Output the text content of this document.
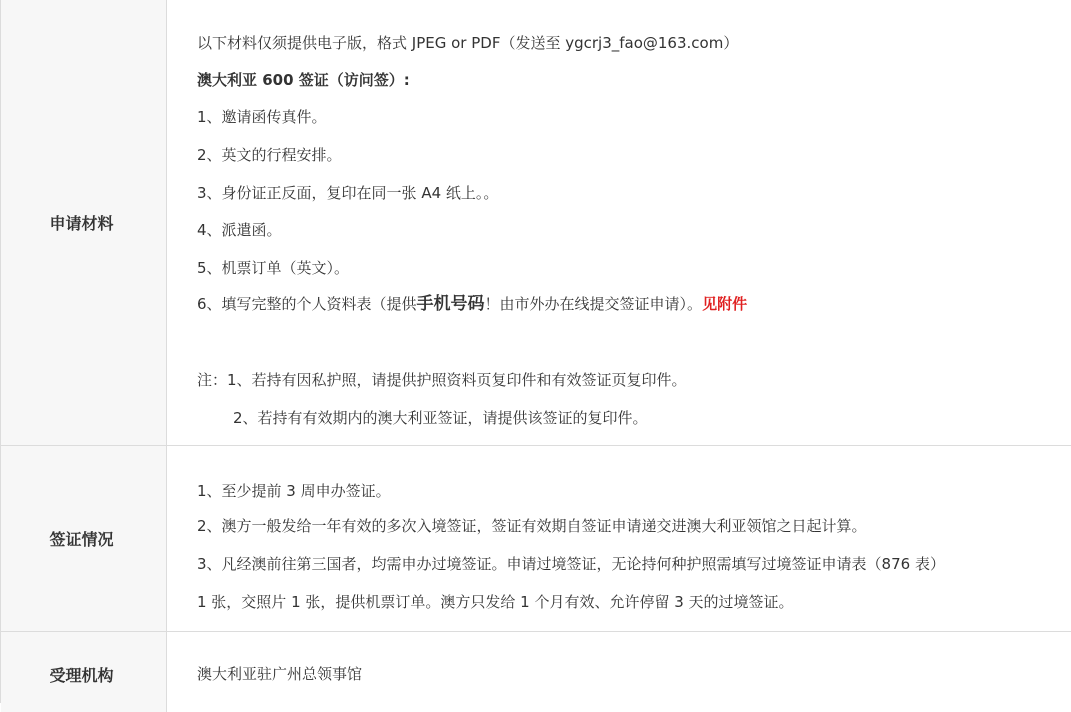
申请材料
以下材料仅须提供电子版，格式 JPEG or PDF（发送至 ygcrj3_fao@163.com）
澳大利亚 600 签证（访问签）:
1、邀请函传真件。
2、英文的行程安排。
3、身份证正反面，复印在同一张 A4 纸上。。
4、派遣函。
5、机票订单（英文）。
6、填写完整的个人资料表（提供手机号码！由市外办在线提交签证申请）。见附件
注：1、若持有因私护照，请提供护照资料页复印件和有效签证页复印件。
2、若持有有效期内的澳大利亚签证，请提供该签证的复印件。
签证情况
1、至少提前 3 周申办签证。
2、澳方一般发给一年有效的多次入境签证，签证有效期自签证申请递交进澳大利亚领馆之日起计算。
3、凡经澳前往第三国者，均需申办过境签证。申请过境签证，无论持何种护照需填写过境签证申请表（876 表）
1 张，交照片 1 张，提供机票订单。澳方只发给 1 个月有效、允许停留 3 天的过境签证。
受理机构	澳大利亚驻广州总领事馆
